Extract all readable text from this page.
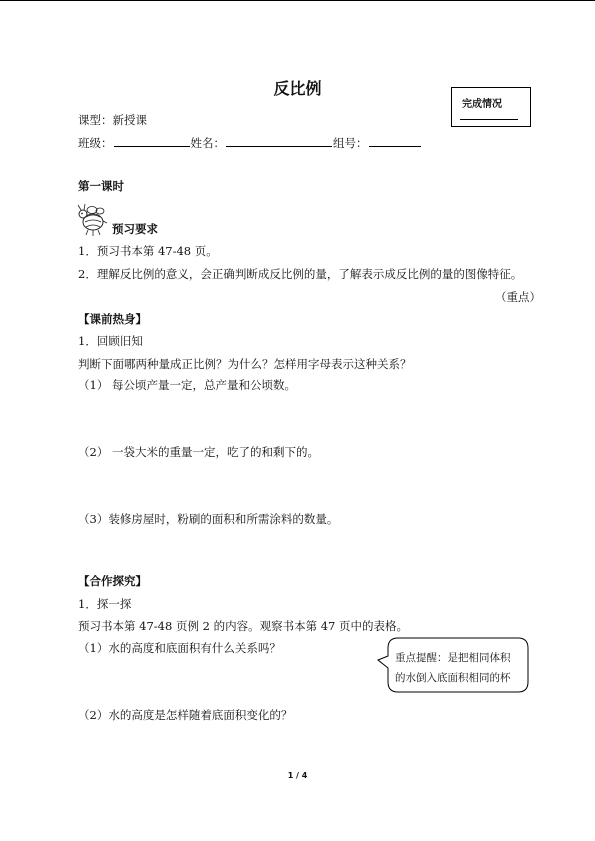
反比例
完成情况
课型：新授课
班级：	姓名：	组号：
第一课时
预习要求
1．预习书本第 47-48 页。
2．理解反比例的意义，会正确判断成反比例的量，了解表示成反比例的量的图像特征。
（重点）
【课前热身】
1．回顾旧知
判断下面哪两种量成正比例？为什么？怎样用字母表示这种关系？
（1） 每公顷产量一定，总产量和公顷数。
（2） 一袋大米的重量一定，吃了的和剩下的。
（3）装修房屋时，粉刷的面积和所需涂料的数量。
【合作探究】
1．探一探
预习书本第 47-48 页例 2 的内容。观察书本第 47 页中的表格。
（1）水的高度和底面积有什么关系吗？
（2）水的高度是怎样随着底面积变化的？
重点提醒：是把相同体积
的水倒入底面积相同的杯
1 / 4
